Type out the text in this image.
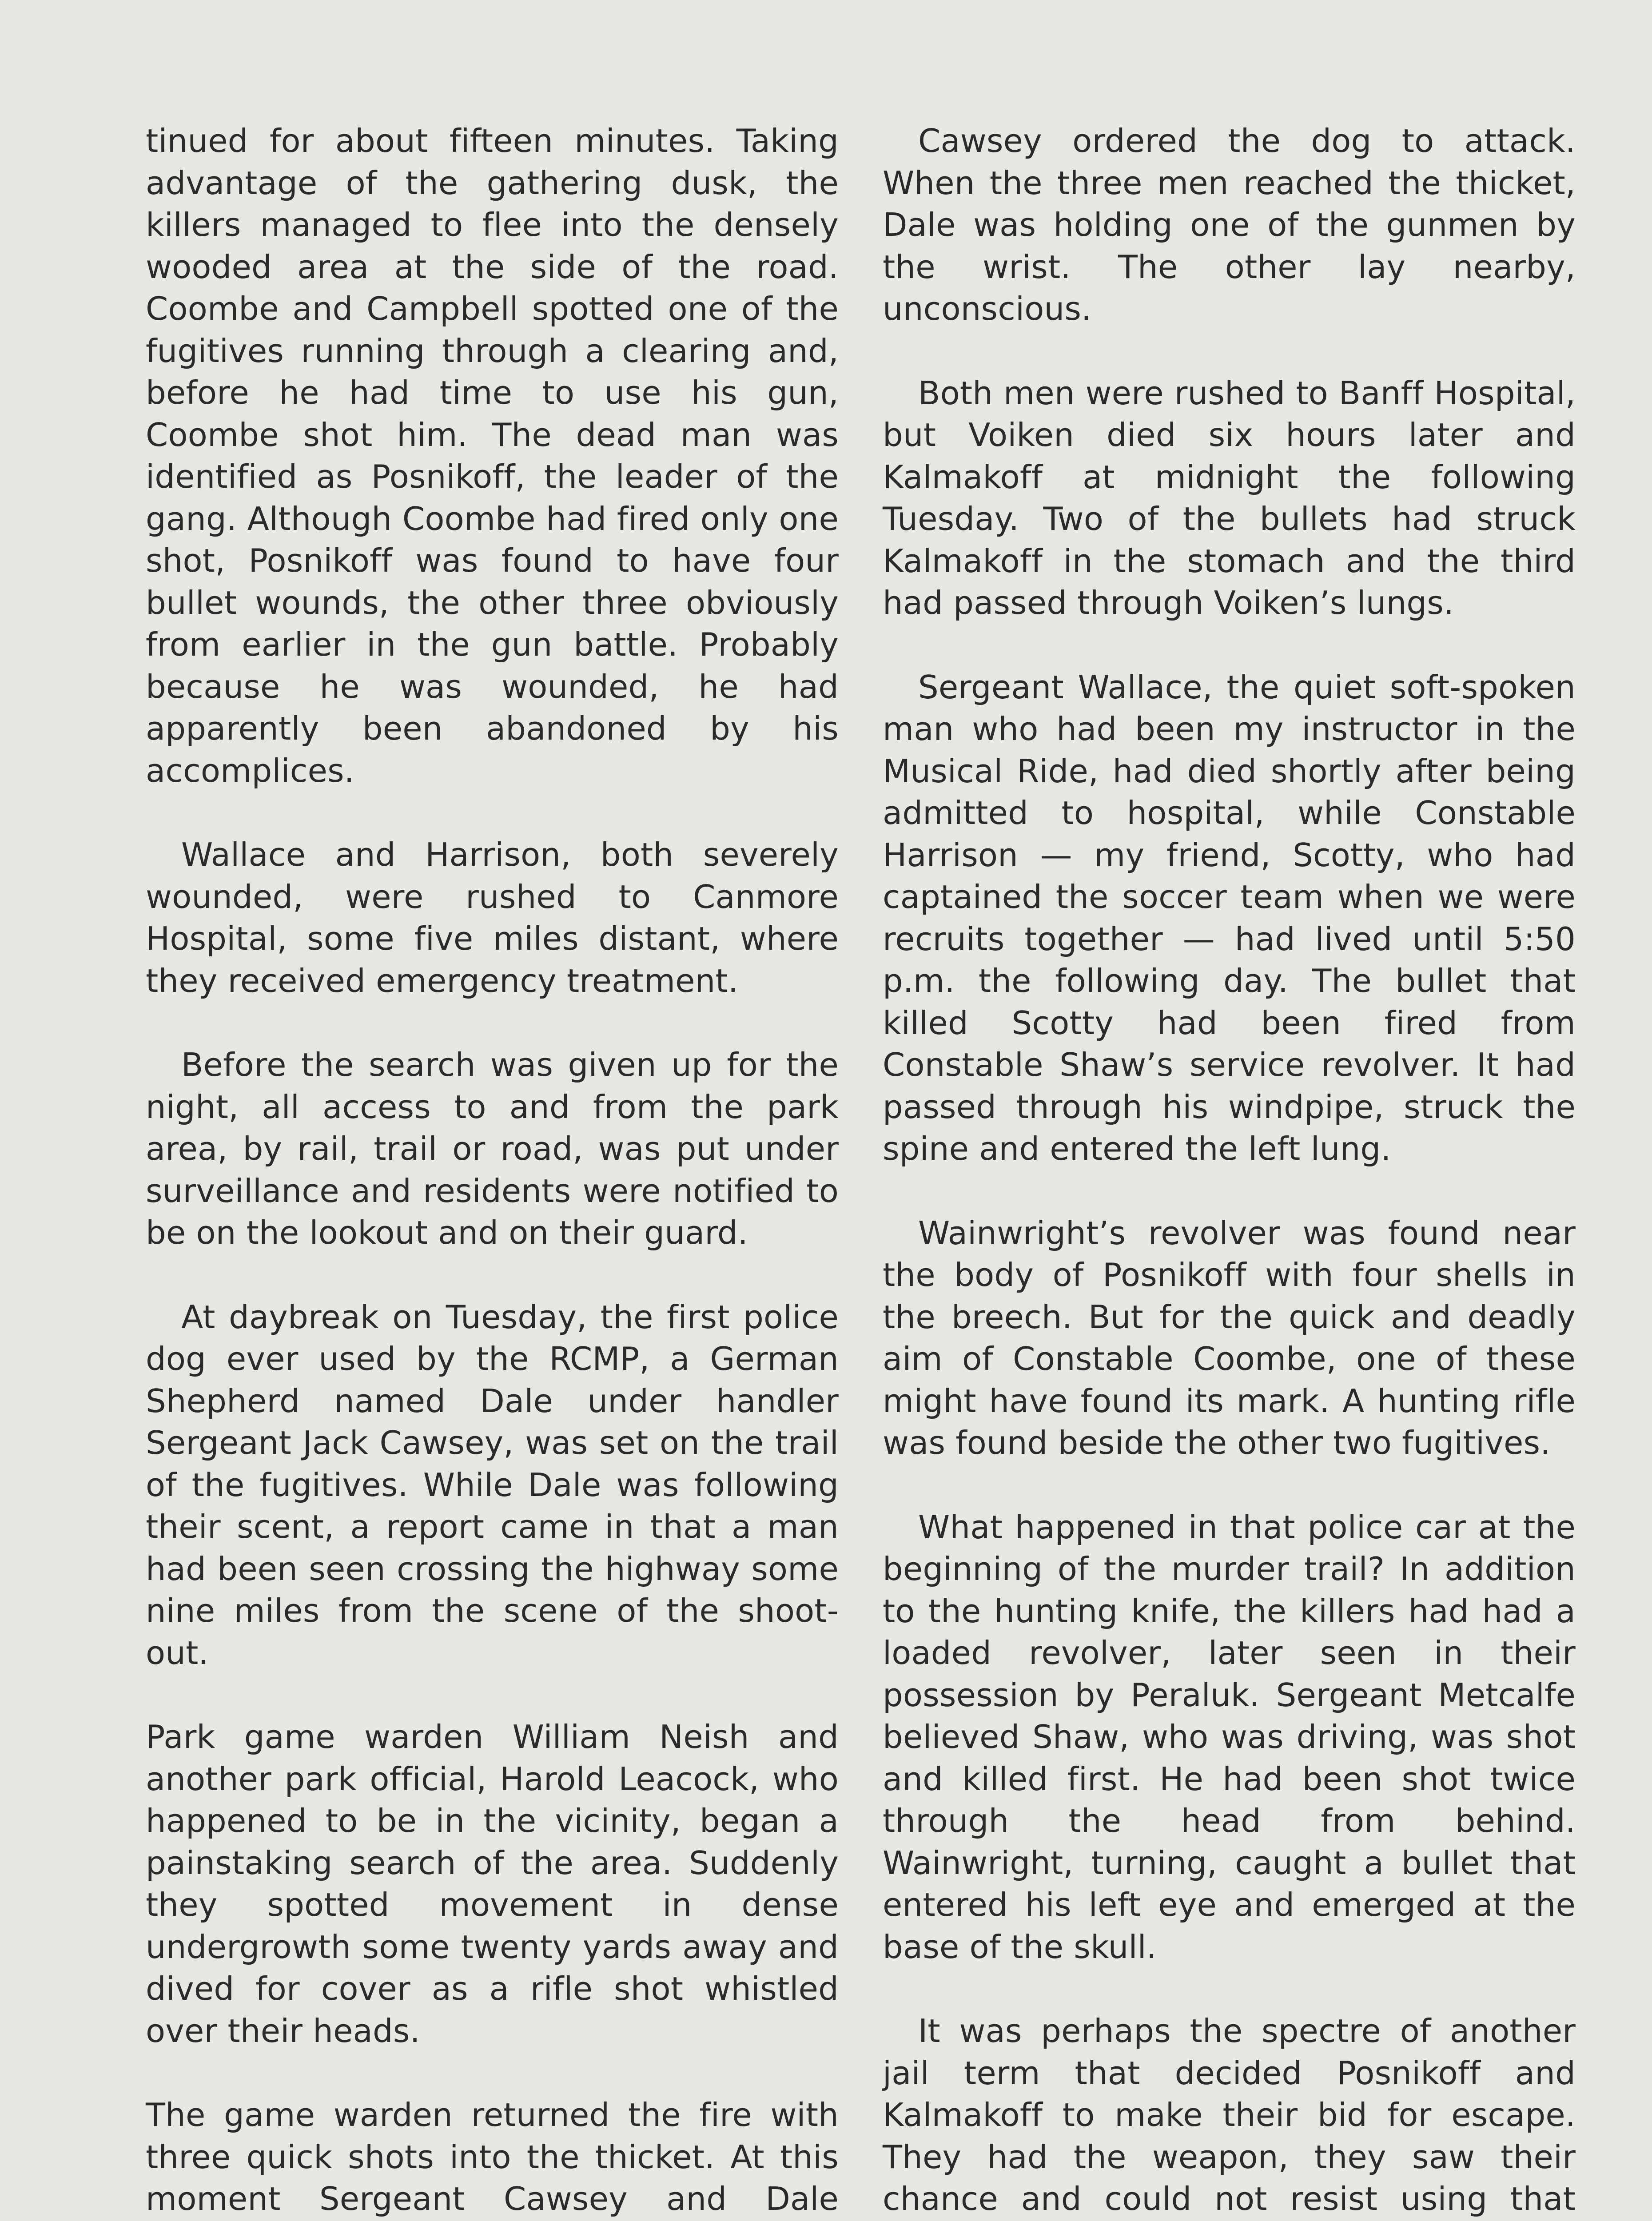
tinued for about fifteen minutes. Taking advantage of the gathering dusk, the killers managed to flee into the densely wooded area at the side of the road. Coombe and Campbell spotted one of the fugitives running through a clearing and, before he had time to use his gun, Coombe shot him. The dead man was identified as Posnikoff, the leader of the gang. Although Coombe had fired only one shot, Posnikoff was found to have four bullet wounds, the other three obviously from earlier in the gun battle. Probably because he was wounded, he had apparently been abandoned by his accomplices.

Wallace and Harrison, both severely wounded, were rushed to Canmore Hospital, some five miles distant, where they received emergency treatment.

Before the search was given up for the night, all access to and from the park area, by rail, trail or road, was put under surveillance and residents were notified to be on the lookout and on their guard.

At daybreak on Tuesday, the first police dog ever used by the RCMP, a German Shepherd named Dale under handler Sergeant Jack Cawsey, was set on the trail of the fugitives. While Dale was following their scent, a report came in that a man had been seen crossing the highway some nine miles from the scene of the shoot-out.

Park game warden William Neish and another park official, Harold Leacock, who happened to be in the vicinity, began a painstaking search of the area. Suddenly they spotted movement in dense undergrowth some twenty yards away and dived for cover as a rifle shot whistled over their heads.

The game warden returned the fire with three quick shots into the thicket. At this moment Sergeant Cawsey and Dale

Cawsey ordered the dog to attack. When the three men reached the thicket, Dale was holding one of the gunmen by the wrist. The other lay nearby, unconscious.

Both men were rushed to Banff Hospital, but Voiken died six hours later and Kalmakoff at midnight the following Tuesday. Two of the bullets had struck Kalmakoff in the stomach and the third had passed through Voiken’s lungs.

Sergeant Wallace, the quiet soft-spoken man who had been my instructor in the Musical Ride, had died shortly after being admitted to hospital, while Constable Harrison — my friend, Scotty, who had captained the soccer team when we were recruits together — had lived until 5:50 p.m. the following day. The bullet that killed Scotty had been fired from Constable Shaw’s service revolver. It had passed through his windpipe, struck the spine and entered the left lung.

Wainwright’s revolver was found near the body of Posnikoff with four shells in the breech. But for the quick and deadly aim of Constable Coombe, one of these might have found its mark. A hunting rifle was found beside the other two fugitives.

What happened in that police car at the beginning of the murder trail? In addition to the hunting knife, the killers had had a loaded revolver, later seen in their possession by Peraluk. Sergeant Metcalfe believed Shaw, who was driving, was shot and killed first. He had been shot twice through the head from behind. Wainwright, turning, caught a bullet that entered his left eye and emerged at the base of the skull.

It was perhaps the spectre of another jail term that decided Posnikoff and Kalmakoff to make their bid for escape. They had the weapon, they saw their chance and could not resist using that
